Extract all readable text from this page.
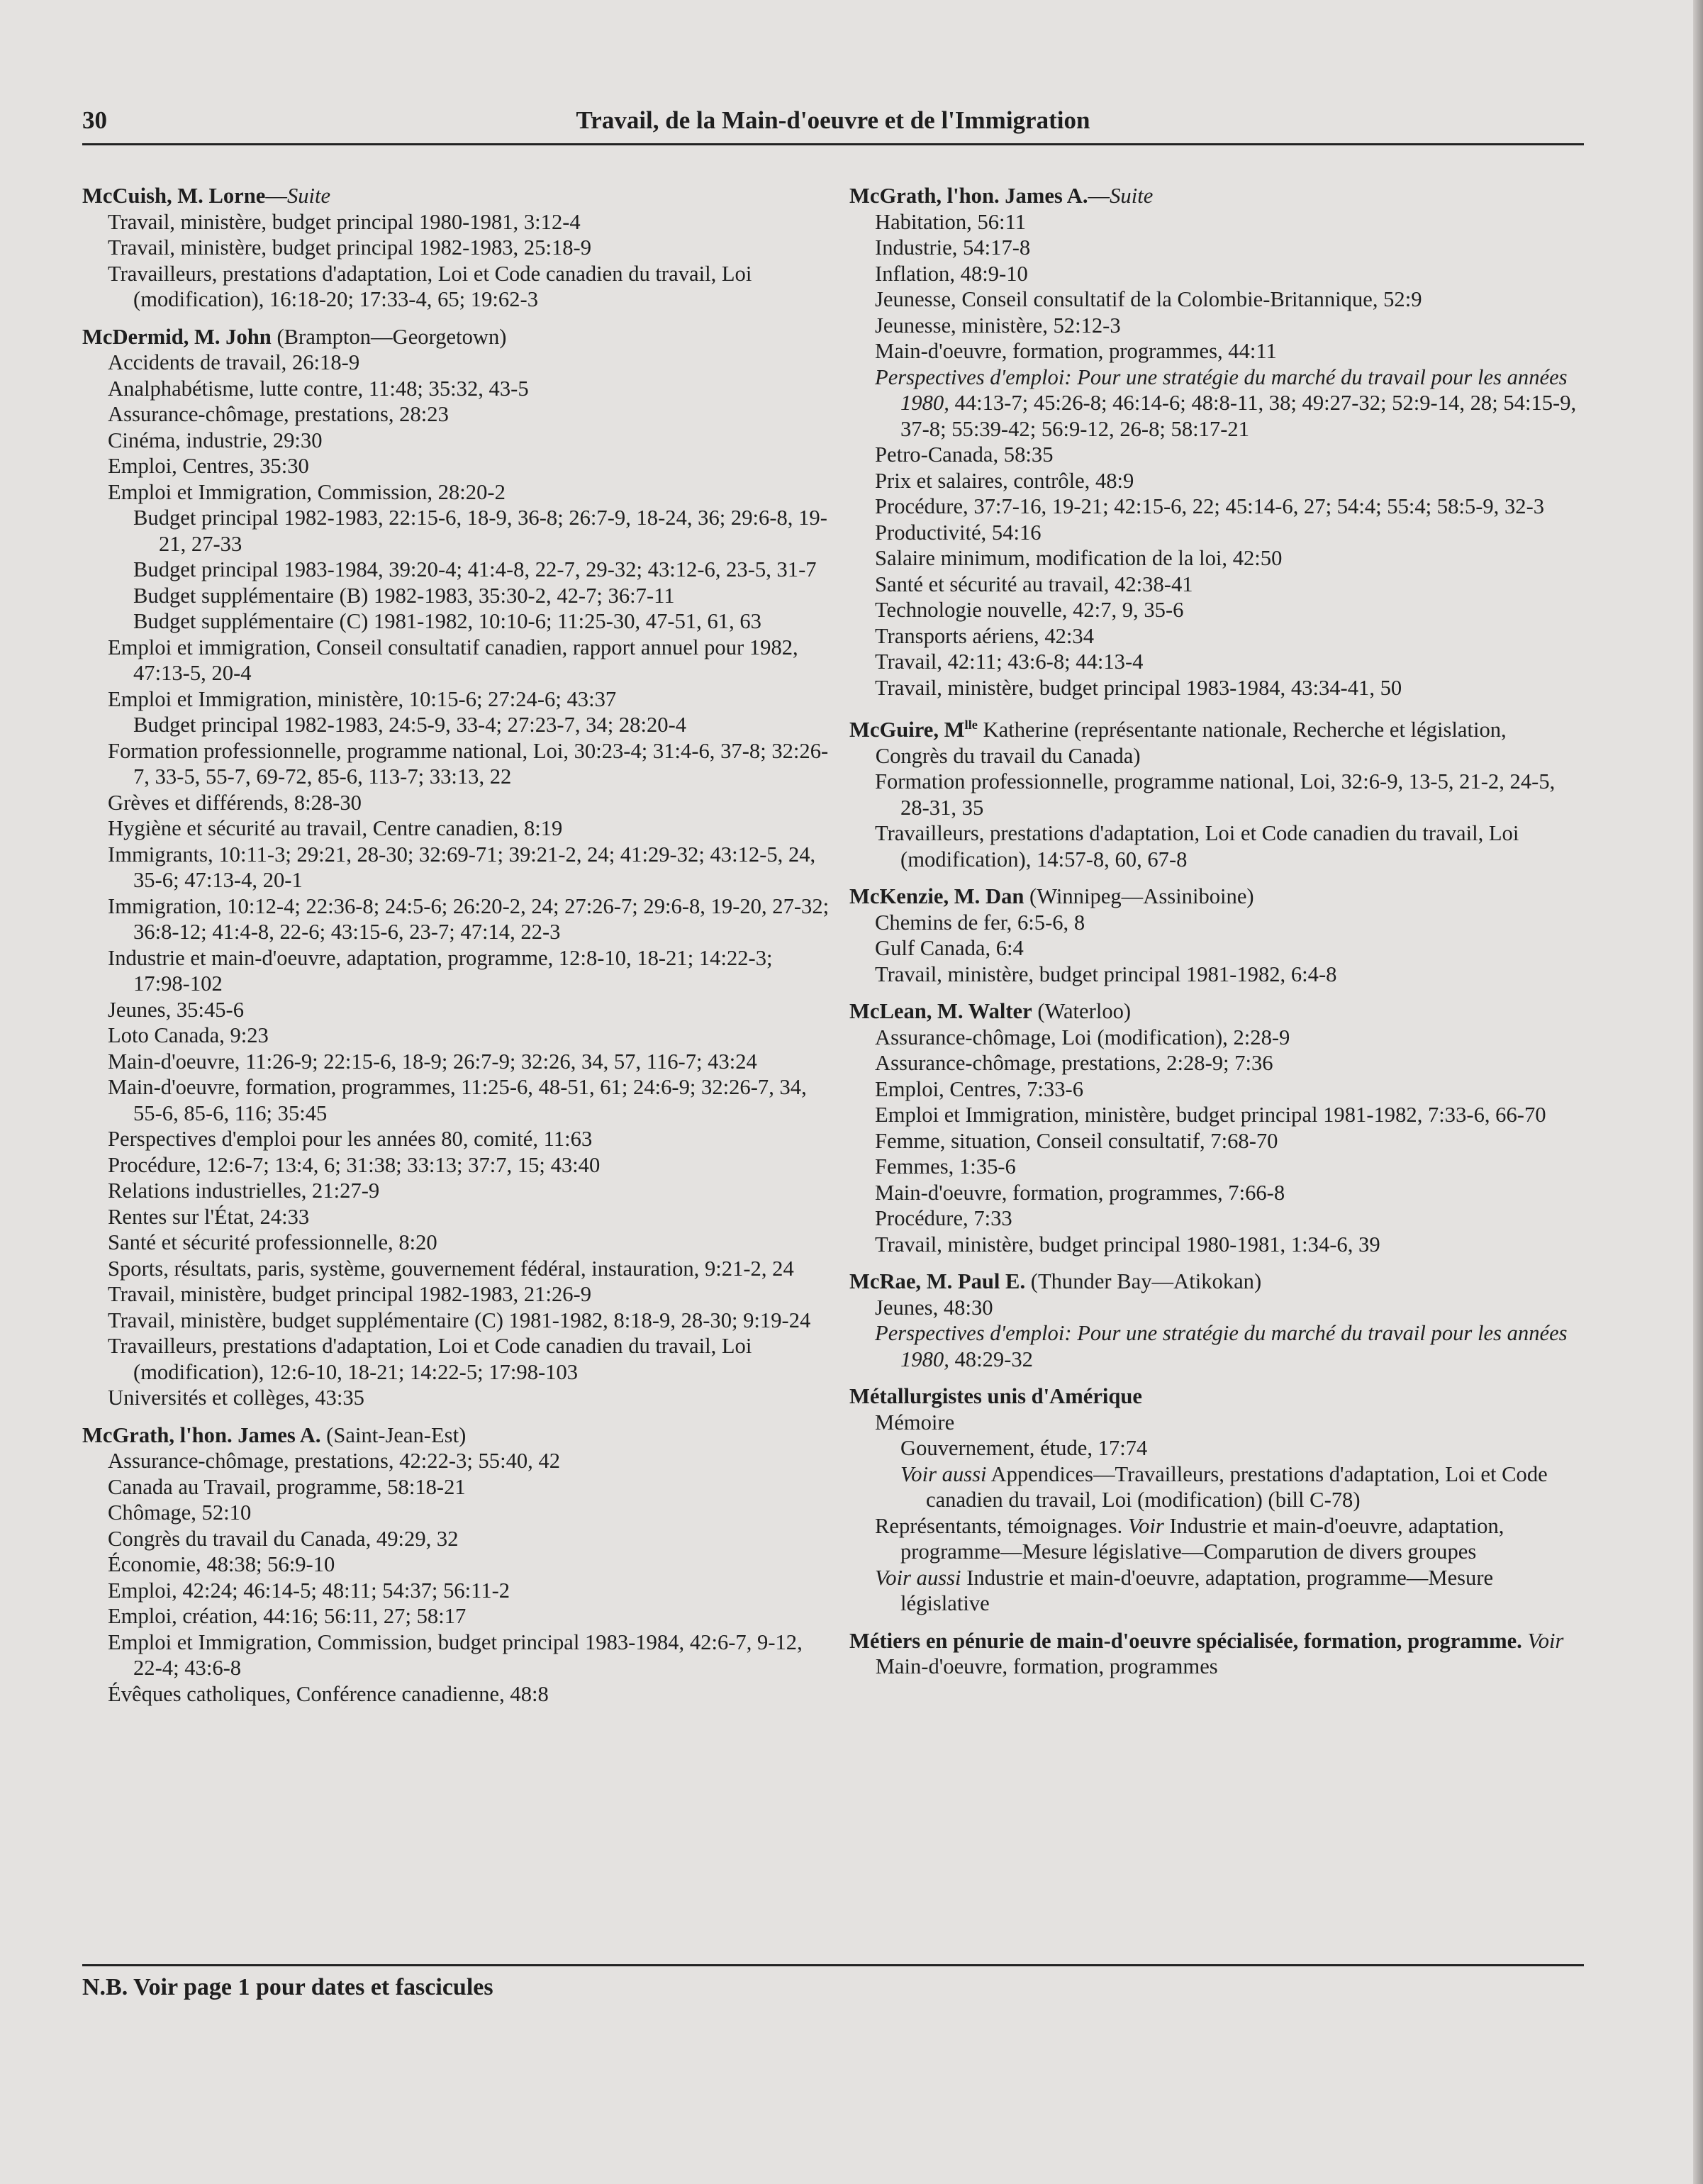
30	Travail, de la Main-d'oeuvre et de l'Immigration
McCuish, M. Lorne—Suite
Travail, ministère, budget principal 1980-1981, 3:12-4
Travail, ministère, budget principal 1982-1983, 25:18-9
Travailleurs, prestations d'adaptation, Loi et Code canadien du travail, Loi (modification), 16:18-20; 17:33-4, 65; 19:62-3
McDermid, M. John (Brampton—Georgetown)
Accidents de travail, 26:18-9
Analphabétisme, lutte contre, 11:48; 35:32, 43-5
Assurance-chômage, prestations, 28:23
Cinéma, industrie, 29:30
Emploi, Centres, 35:30
Emploi et Immigration, Commission, 28:20-2
Budget principal 1982-1983, 22:15-6, 18-9, 36-8; 26:7-9, 18-24, 36; 29:6-8, 19-21, 27-33
Budget principal 1983-1984, 39:20-4; 41:4-8, 22-7, 29-32; 43:12-6, 23-5, 31-7
Budget supplémentaire (B) 1982-1983, 35:30-2, 42-7; 36:7-11
Budget supplémentaire (C) 1981-1982, 10:10-6; 11:25-30, 47-51, 61, 63
Emploi et immigration, Conseil consultatif canadien, rapport annuel pour 1982, 47:13-5, 20-4
Emploi et Immigration, ministère, 10:15-6; 27:24-6; 43:37
Budget principal 1982-1983, 24:5-9, 33-4; 27:23-7, 34; 28:20-4
Formation professionnelle, programme national, Loi, 30:23-4; 31:4-6, 37-8; 32:26-7, 33-5, 55-7, 69-72, 85-6, 113-7; 33:13, 22
Grèves et différends, 8:28-30
Hygiène et sécurité au travail, Centre canadien, 8:19
Immigrants, 10:11-3; 29:21, 28-30; 32:69-71; 39:21-2, 24; 41:29-32; 43:12-5, 24, 35-6; 47:13-4, 20-1
Immigration, 10:12-4; 22:36-8; 24:5-6; 26:20-2, 24; 27:26-7; 29:6-8, 19-20, 27-32; 36:8-12; 41:4-8, 22-6; 43:15-6, 23-7; 47:14, 22-3
Industrie et main-d'oeuvre, adaptation, programme, 12:8-10, 18-21; 14:22-3; 17:98-102
Jeunes, 35:45-6
Loto Canada, 9:23
Main-d'oeuvre, 11:26-9; 22:15-6, 18-9; 26:7-9; 32:26, 34, 57, 116-7; 43:24
Main-d'oeuvre, formation, programmes, 11:25-6, 48-51, 61; 24:6-9; 32:26-7, 34, 55-6, 85-6, 116; 35:45
Perspectives d'emploi pour les années 80, comité, 11:63
Procédure, 12:6-7; 13:4, 6; 31:38; 33:13; 37:7, 15; 43:40
Relations industrielles, 21:27-9
Rentes sur l'État, 24:33
Santé et sécurité professionnelle, 8:20
Sports, résultats, paris, système, gouvernement fédéral, instauration, 9:21-2, 24
Travail, ministère, budget principal 1982-1983, 21:26-9
Travail, ministère, budget supplémentaire (C) 1981-1982, 8:18-9, 28-30; 9:19-24
Travailleurs, prestations d'adaptation, Loi et Code canadien du travail, Loi (modification), 12:6-10, 18-21; 14:22-5; 17:98-103
Universités et collèges, 43:35
McGrath, l'hon. James A. (Saint-Jean-Est)
Assurance-chômage, prestations, 42:22-3; 55:40, 42
Canada au Travail, programme, 58:18-21
Chômage, 52:10
Congrès du travail du Canada, 49:29, 32
Économie, 48:38; 56:9-10
Emploi, 42:24; 46:14-5; 48:11; 54:37; 56:11-2
Emploi, création, 44:16; 56:11, 27; 58:17
Emploi et Immigration, Commission, budget principal 1983-1984, 42:6-7, 9-12, 22-4; 43:6-8
Évêques catholiques, Conférence canadienne, 48:8
McGrath, l'hon. James A.—Suite
Habitation, 56:11
Industrie, 54:17-8
Inflation, 48:9-10
Jeunesse, Conseil consultatif de la Colombie-Britannique, 52:9
Jeunesse, ministère, 52:12-3
Main-d'oeuvre, formation, programmes, 44:11
Perspectives d'emploi: Pour une stratégie du marché du travail pour les années 1980, 44:13-7; 45:26-8; 46:14-6; 48:8-11, 38; 49:27-32; 52:9-14, 28; 54:15-9, 37-8; 55:39-42; 56:9-12, 26-8; 58:17-21
Petro-Canada, 58:35
Prix et salaires, contrôle, 48:9
Procédure, 37:7-16, 19-21; 42:15-6, 22; 45:14-6, 27; 54:4; 55:4; 58:5-9, 32-3
Productivité, 54:16
Salaire minimum, modification de la loi, 42:50
Santé et sécurité au travail, 42:38-41
Technologie nouvelle, 42:7, 9, 35-6
Transports aériens, 42:34
Travail, 42:11; 43:6-8; 44:13-4
Travail, ministère, budget principal 1983-1984, 43:34-41, 50
McGuire, $M^{lle}$ Katherine (représentante nationale, Recherche et législation, Congrès du travail du Canada)
Formation professionnelle, programme national, Loi, 32:6-9, 13-5, 21-2, 24-5, 28-31, 35
Travailleurs, prestations d'adaptation, Loi et Code canadien du travail, Loi (modification), 14:57-8, 60, 67-8
McKenzie, M. Dan (Winnipeg—Assiniboine)
Chemins de fer, 6:5-6, 8
Gulf Canada, 6:4
Travail, ministère, budget principal 1981-1982, 6:4-8
McLean, M. Walter (Waterloo)
Assurance-chômage, Loi (modification), 2:28-9
Assurance-chômage, prestations, 2:28-9; 7:36
Emploi, Centres, 7:33-6
Emploi et Immigration, ministère, budget principal 1981-1982, 7:33-6, 66-70
Femme, situation, Conseil consultatif, 7:68-70
Femmes, 1:35-6
Main-d'oeuvre, formation, programmes, 7:66-8
Procédure, 7:33
Travail, ministère, budget principal 1980-1981, 1:34-6, 39
McRae, M. Paul E. (Thunder Bay—Atikokan)
Jeunes, 48:30
Perspectives d'emploi: Pour une stratégie du marché du travail pour les années 1980, 48:29-32
Métallurgistes unis d'Amérique
Mémoire
Gouvernement, étude, 17:74
Voir aussi Appendices—Travailleurs, prestations d'adaptation, Loi et Code canadien du travail, Loi (modification) (bill C-78)
Représentants, témoignages. Voir Industrie et main-d'oeuvre, adaptation, programme—Mesure législative—Comparution de divers groupes
Voir aussi Industrie et main-d'oeuvre, adaptation, programme—Mesure législative
Métiers en pénurie de main-d'oeuvre spécialisée, formation, programme. Voir Main-d'oeuvre, formation, programmes
N.B. Voir page 1 pour dates et fascicules
